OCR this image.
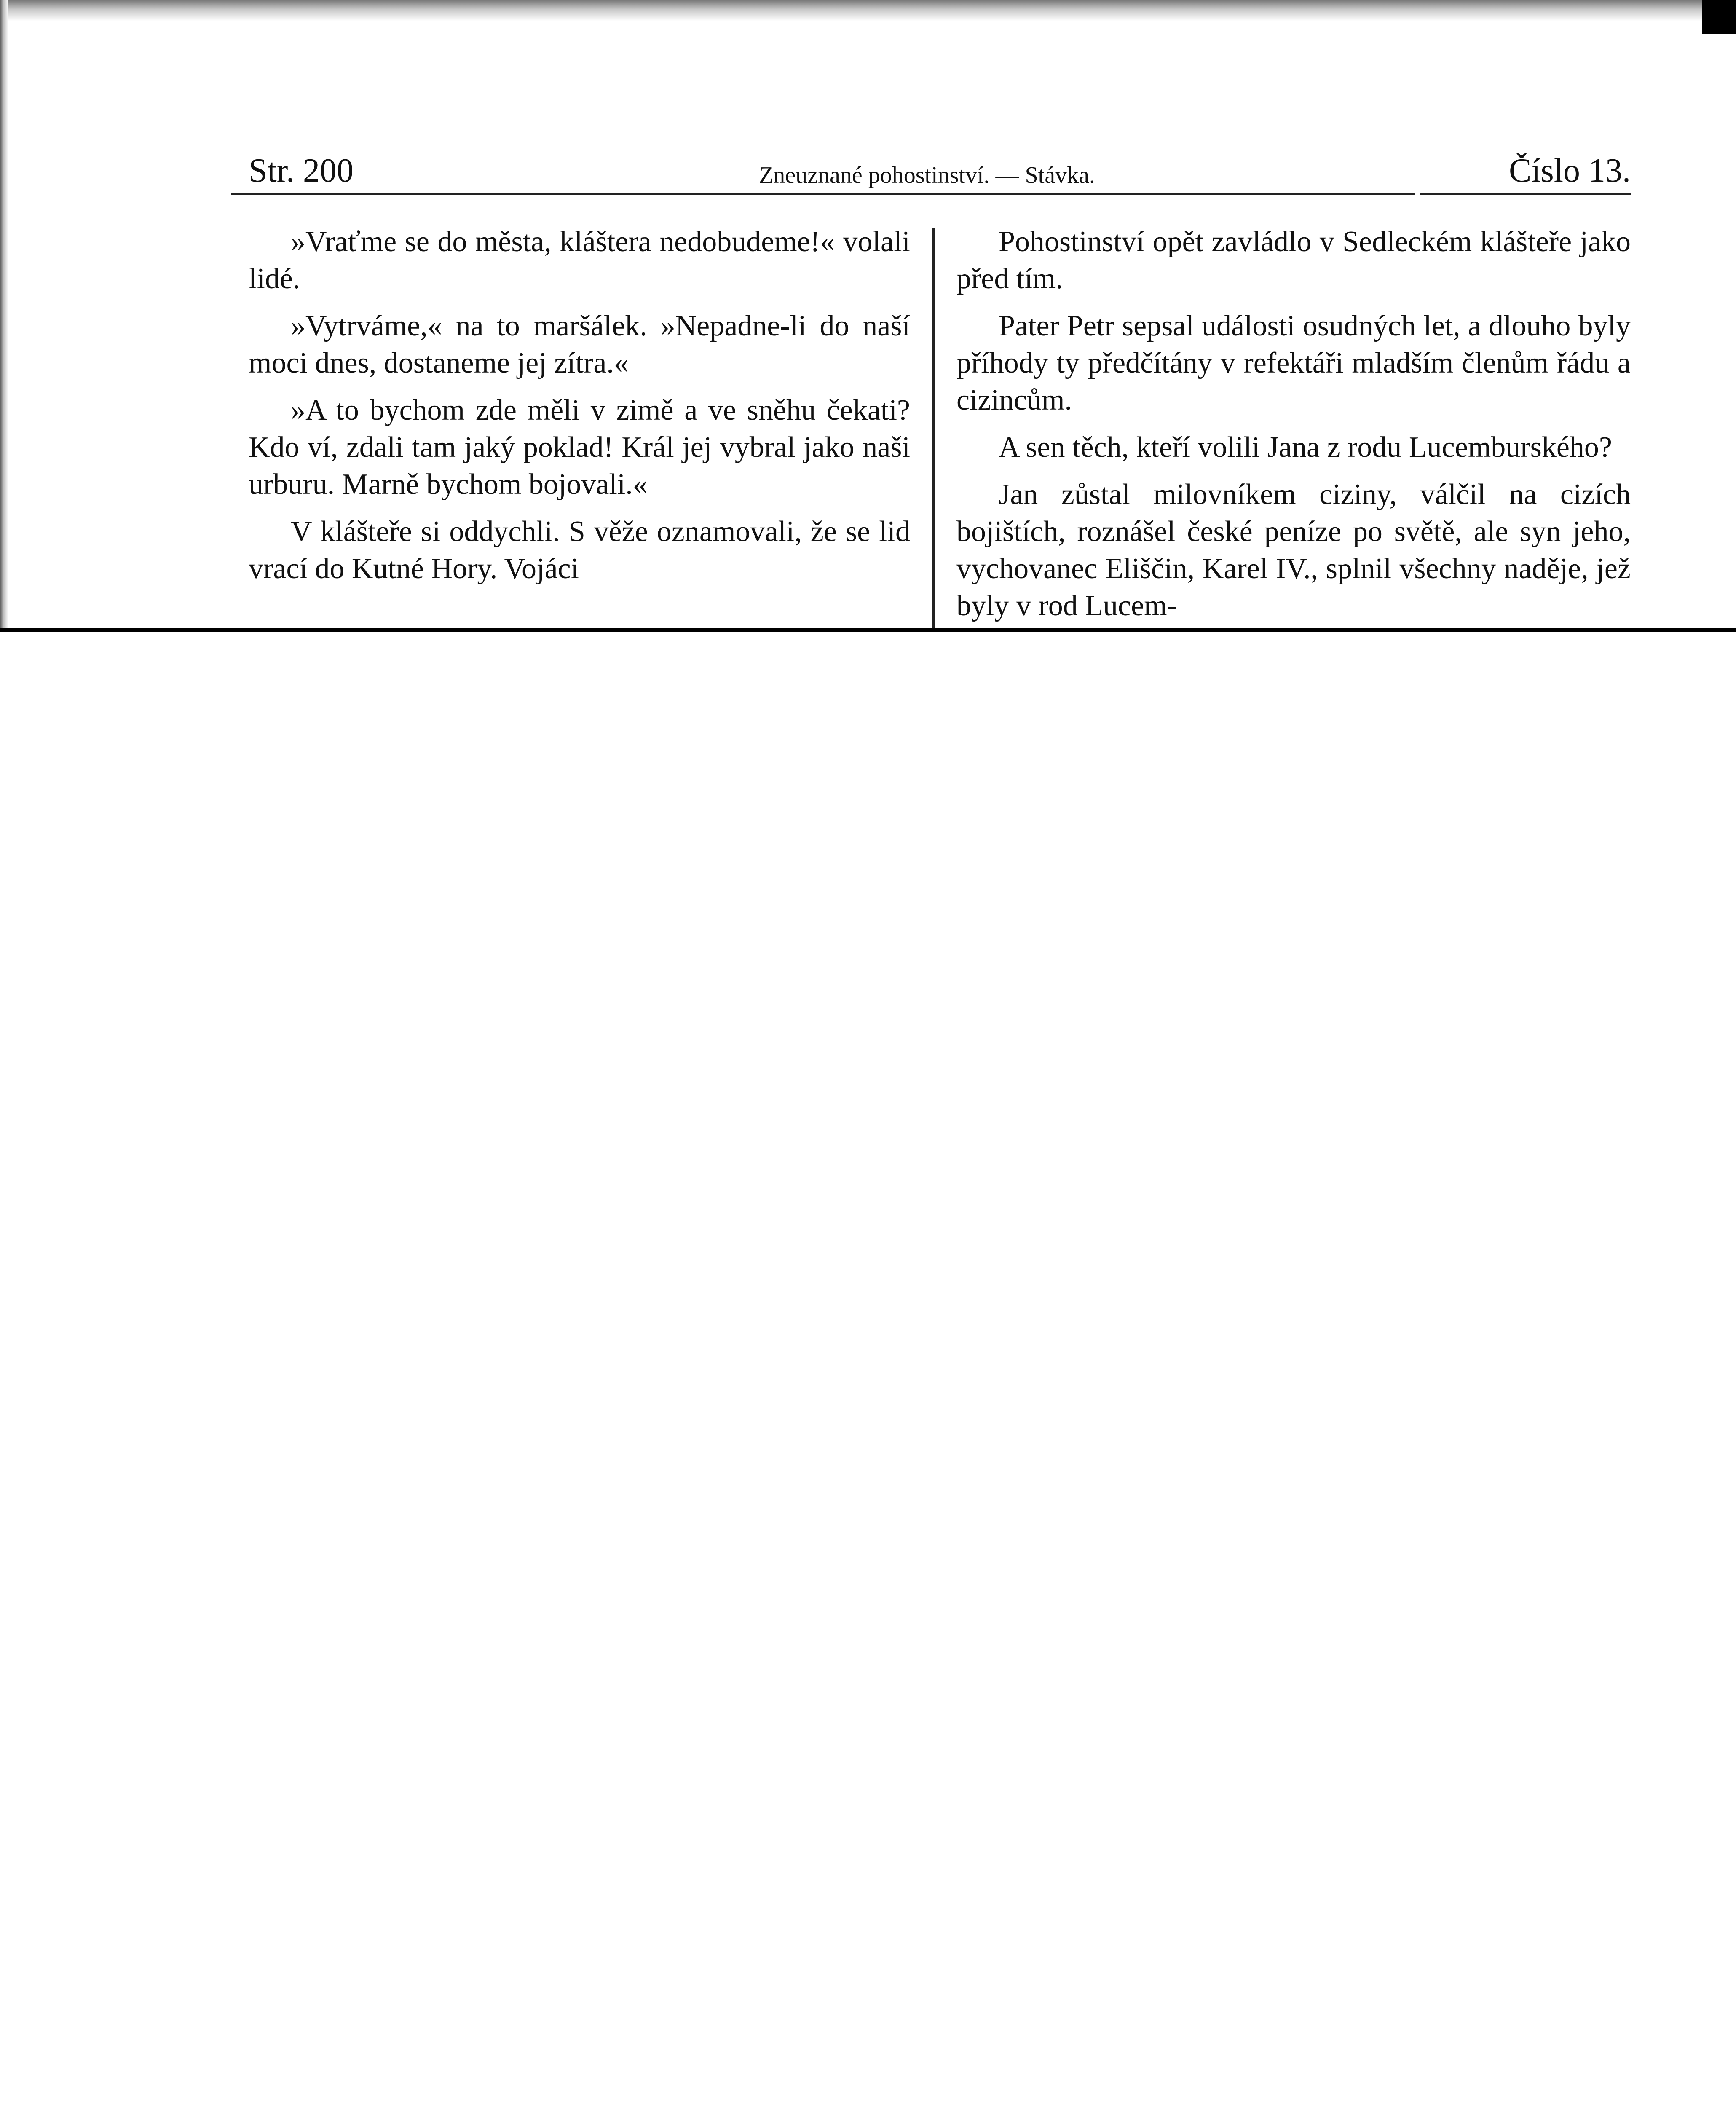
Str. 200	Zneuznané pohostinství. — Stávka.	Číslo 13.

»Vraťme se do města, kláštera nedobudeme!« volali lidé.

»Vytrváme,« na to maršálek. »Nepadne-li do naší moci dnes, dostaneme jej zítra.«

»A to bychom zde měli v zimě a ve sněhu čekati? Kdo ví, zdali tam jaký poklad! Král jej vybral jako naši urburu. Marně bychom bojovali.«

V klášteře si oddychli. S věže oznamovali, že se lid vrací do Kutné Hory. Vojáci

Pohostinství opět zavládlo v Sedleckém klášteře jako před tím.

Pater Petr sepsal události osudných let, a dlouho byly příhody ty předčítány v refektáři mladším členům řádu a cizincům.

A sen těch, kteří volili Jana z rodu Lucemburského?

Jan zůstal milovníkem ciziny, válčil na cizích bojištích, roznášel české peníze po světě, ale syn jeho, vychovanec Eliščin, Karel IV., splnil všechny naděje, jež byly v rod Lucem-
